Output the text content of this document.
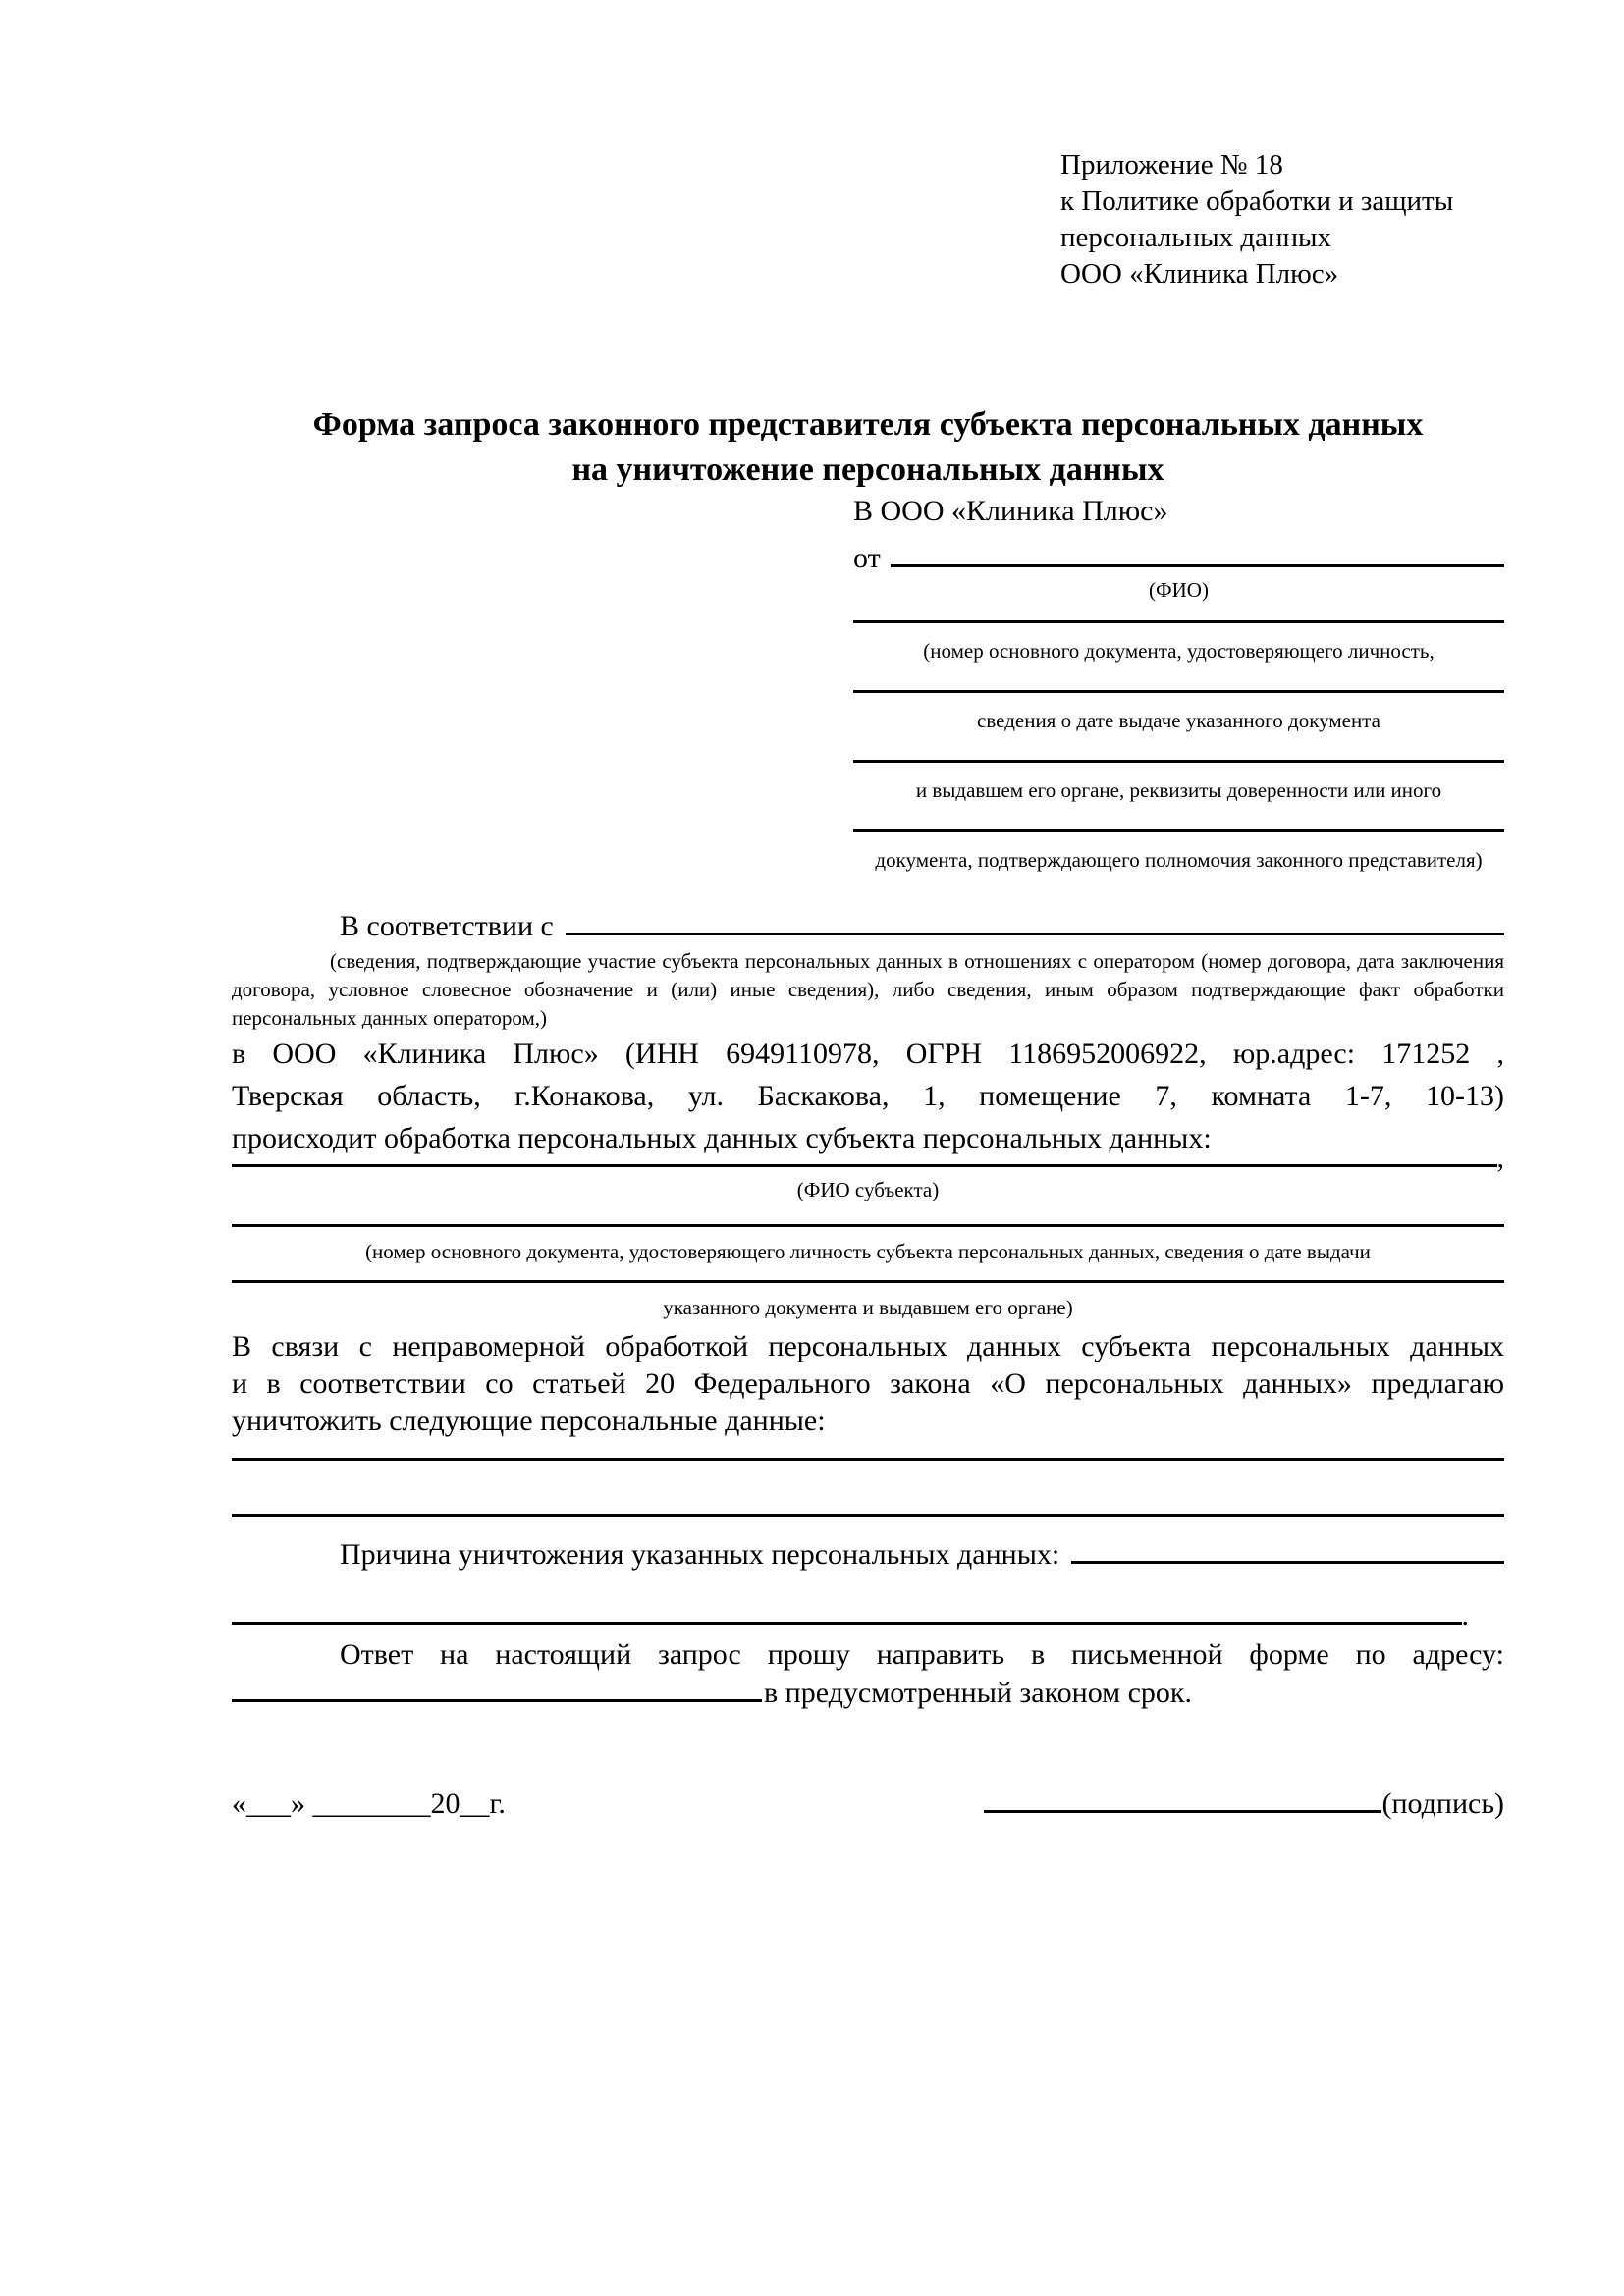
Приложение № 18
к Политике обработки и защиты
персональных данных
ООО «Клиника Плюс»
Форма запроса законного представителя субъекта персональных данных
на уничтожение персональных данных
В ООО «Клиника Плюс»
от
(ФИО)
(номер основного документа, удостоверяющего личность,
сведения о дате выдаче указанного документа
и выдавшем его органе, реквизиты доверенности или иного
документа, подтверждающего полномочия законного представителя)
В соответствии с
(сведения, подтверждающие участие субъекта персональных данных в отношениях с оператором (номер договора, дата заключения договора, условное словесное обозначение и (или) иные сведения), либо сведения, иным образом подтверждающие факт обработки персональных данных оператором,)
в ООО «Клиника Плюс» (ИНН 6949110978, ОГРН 1186952006922, юр.адрес: 171252 ,
Тверская область, г.Конакова, ул. Баскакова, 1, помещение 7, комната 1-7, 10-13)
происходит обработка персональных данных субъекта персональных данных:
,
(ФИО субъекта)
(номер основного документа, удостоверяющего личность субъекта персональных данных, сведения о дате выдачи
указанного документа и выдавшем его органе)
В связи с неправомерной обработкой персональных данных субъекта персональных данных
и в соответствии со статьей 20 Федерального закона «О персональных данных» предлагаю
уничтожить следующие персональные данные:
Причина уничтожения указанных персональных данных:
.
Ответ на настоящий запрос прошу направить в письменной форме по адресу:
в предусмотренный законом срок.
«___» ________20__г.	(подпись)
